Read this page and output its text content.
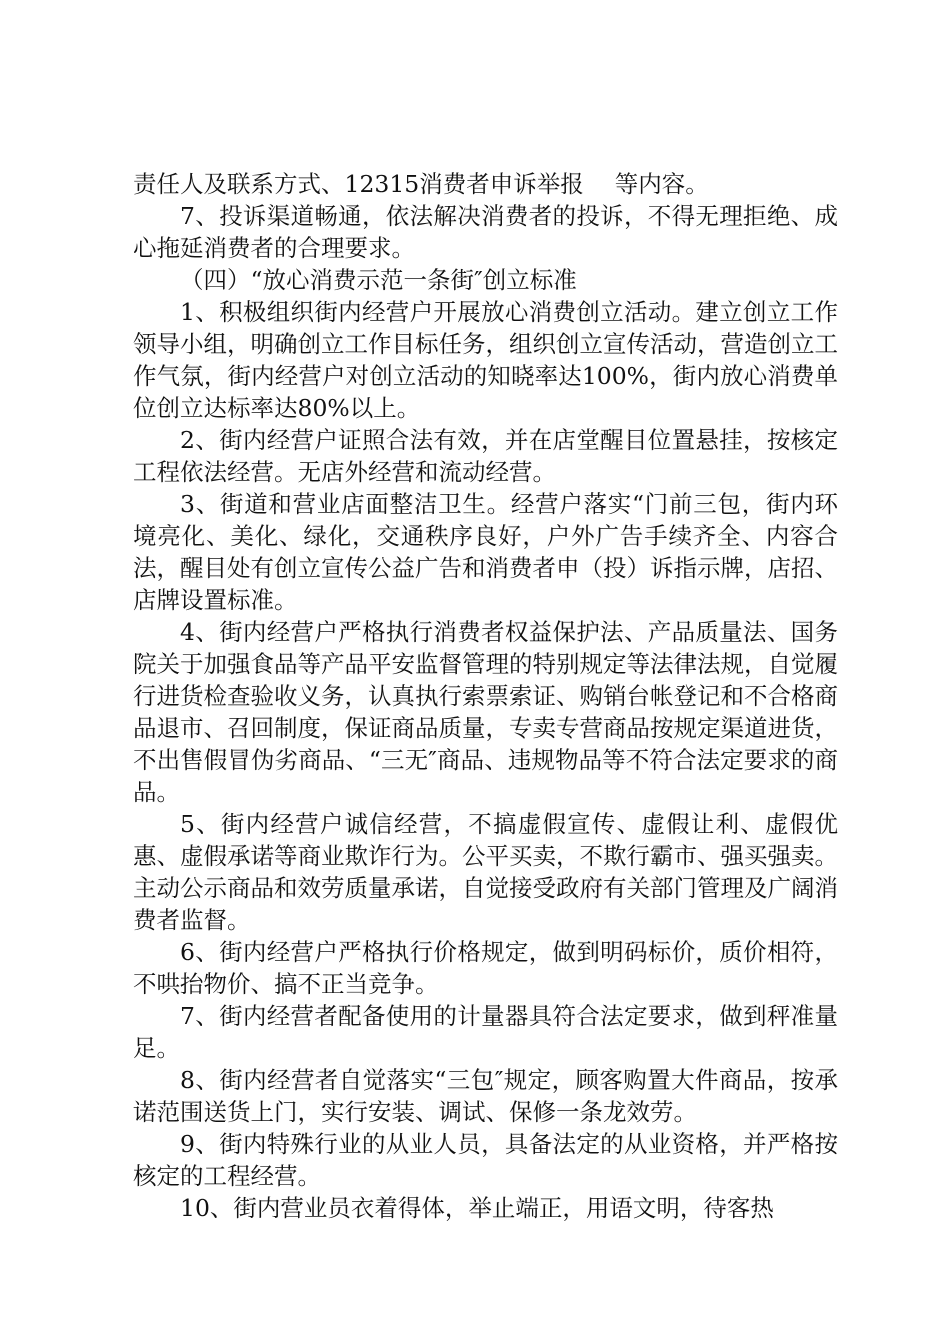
责任人及联系方式、12315消费者申诉举报　 等内容。

7、投诉渠道畅通，依法解决消费者的投诉，不得无理拒绝、成心拖延消费者的合理要求。

（四）“放心消费示范一条街″创立标准

1、积极组织街内经营户开展放心消费创立活动。建立创立工作领导小组，明确创立工作目标任务，组织创立宣传活动，营造创立工作气氛，街内经营户对创立活动的知晓率达100%，街内放心消费单位创立达标率达80%以上。

2、街内经营户证照合法有效，并在店堂醒目位置悬挂，按核定工程依法经营。无店外经营和流动经营。

3、街道和营业店面整洁卫生。经营户落实“门前三包，街内环境亮化、美化、绿化，交通秩序良好，户外广告手续齐全、内容合法，醒目处有创立宣传公益广告和消费者申（投）诉指示牌，店招、店牌设置标准。

4、街内经营户严格执行消费者权益保护法、产品质量法、国务院关于加强食品等产品平安监督管理的特别规定等法律法规，自觉履行进货检查验收义务，认真执行索票索证、购销台帐登记和不合格商品退市、召回制度，保证商品质量，专卖专营商品按规定渠道进货，不出售假冒伪劣商品、“三无″商品、违规物品等不符合法定要求的商品。

5、街内经营户诚信经营，不搞虚假宣传、虚假让利、虚假优惠、虚假承诺等商业欺诈行为。公平买卖，不欺行霸市、强买强卖。主动公示商品和效劳质量承诺，自觉接受政府有关部门管理及广阔消费者监督。

6、街内经营户严格执行价格规定，做到明码标价，质价相符，不哄抬物价、搞不正当竞争。

7、街内经营者配备使用的计量器具符合法定要求，做到秤准量足。

8、街内经营者自觉落实“三包″规定，顾客购置大件商品，按承诺范围送货上门，实行安装、调试、保修一条龙效劳。

9、街内特殊行业的从业人员，具备法定的从业资格，并严格按核定的工程经营。

10、街内营业员衣着得体，举止端正，用语文明，待客热
